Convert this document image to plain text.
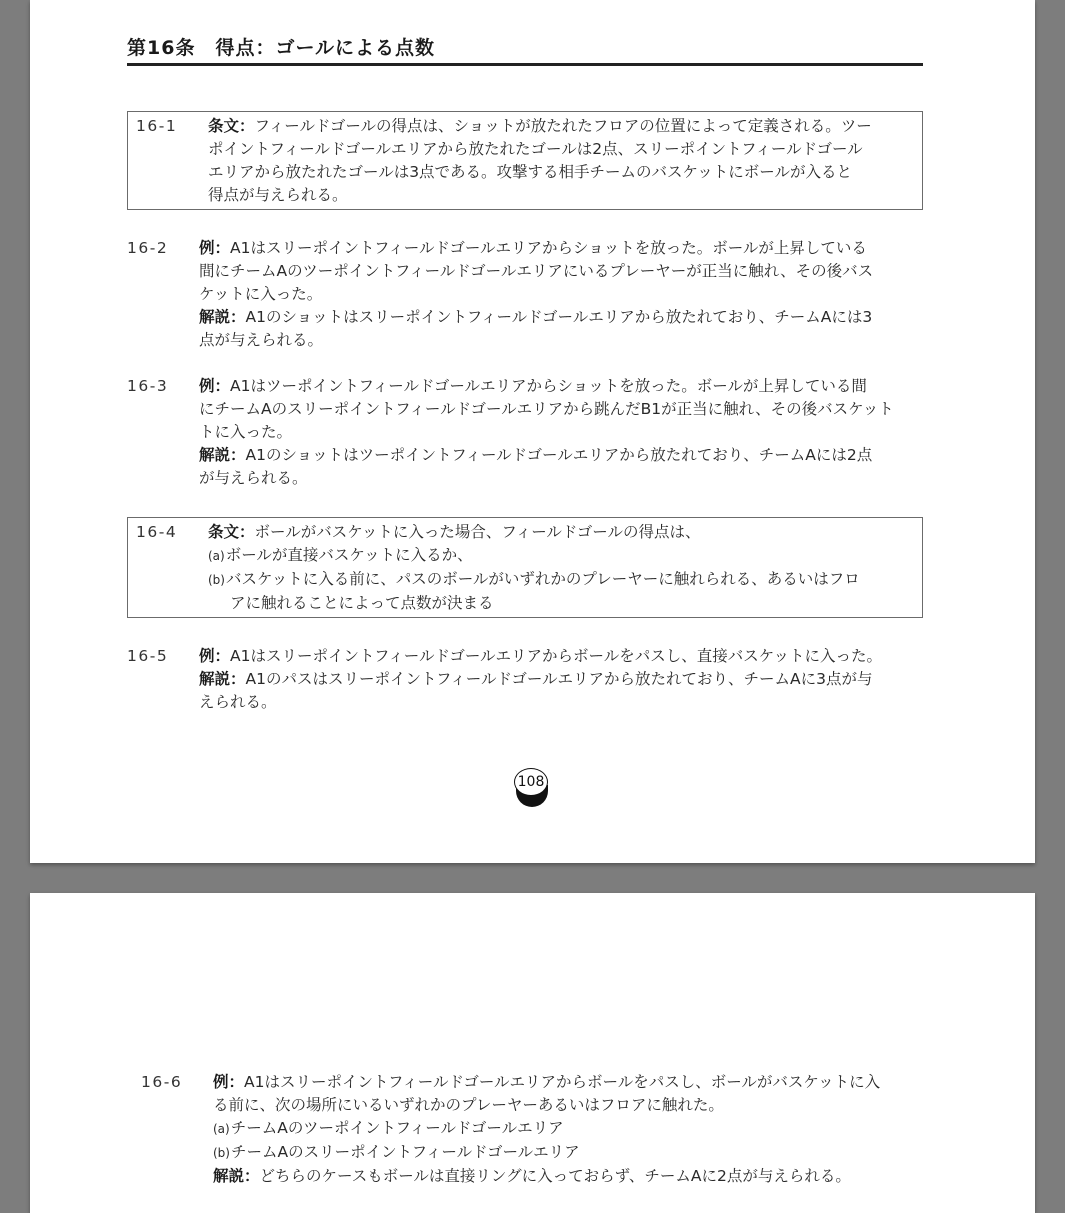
第16条　得点：ゴールによる点数
16-1	条文：フィールドゴールの得点は、ショットが放たれたフロアの位置によって定義される。ツー
ポイントフィールドゴールエリアから放たれたゴールは2点、スリーポイントフィールドゴール
エリアから放たれたゴールは3点である。攻撃する相手チームのバスケットにボールが入ると
得点が与えられる。
16-2	例：A1はスリーポイントフィールドゴールエリアからショットを放った。ボールが上昇している
間にチームAのツーポイントフィールドゴールエリアにいるプレーヤーが正当に触れ、その後バス
ケットに入った。
解説：A1のショットはスリーポイントフィールドゴールエリアから放たれており、チームAには3
点が与えられる。
16-3	例：A1はツーポイントフィールドゴールエリアからショットを放った。ボールが上昇している間
にチームAのスリーポイントフィールドゴールエリアから跳んだB1が正当に触れ、その後バスケット
トに入った。
解説：A1のショットはツーポイントフィールドゴールエリアから放たれており、チームAには2点
が与えられる。
16-4	条文：ボールがバスケットに入った場合、フィールドゴールの得点は、
(a)ボールが直接バスケットに入るか、
(b)バスケットに入る前に、パスのボールがいずれかのプレーヤーに触れられる、あるいはフロ
アに触れることによって点数が決まる
16-5	例：A1はスリーポイントフィールドゴールエリアからボールをパスし、直接バスケットに入った。
解説：A1のパスはスリーポイントフィールドゴールエリアから放たれており、チームAに3点が与
えられる。
108
16-6	例：A1はスリーポイントフィールドゴールエリアからボールをパスし、ボールがバスケットに入
る前に、次の場所にいるいずれかのプレーヤーあるいはフロアに触れた。
(a)チームAのツーポイントフィールドゴールエリア
(b)チームAのスリーポイントフィールドゴールエリア
解説：どちらのケースもボールは直接リングに入っておらず、チームAに2点が与えられる。
